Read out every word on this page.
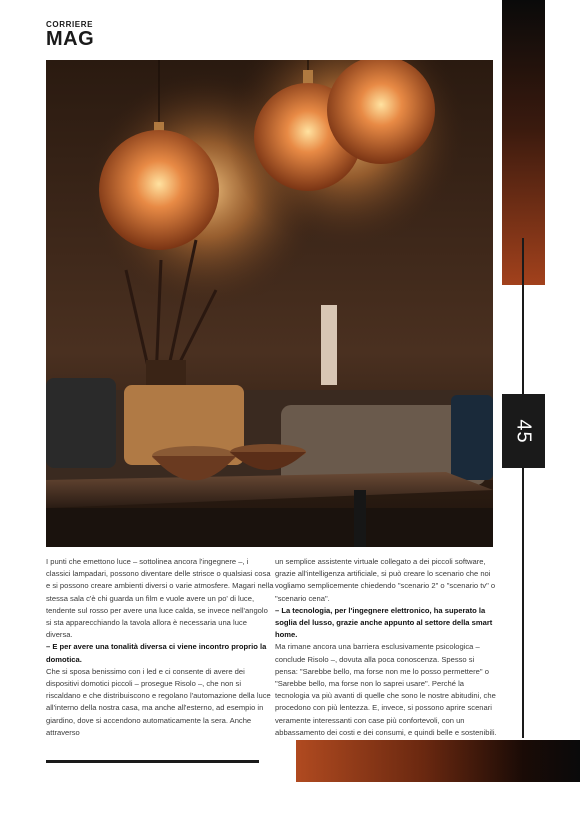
CORRIERE
MAG
45

I punti che emettono luce – sottolinea ancora l'ingegnere –, i classici lampadari, possono diventare delle strisce o qualsiasi cosa e si possono creare ambienti diversi o varie atmosfere. Magari nella stessa sala c'è chi guarda un film e vuole avere un po' di luce, tendente sul rosso per avere una luce calda, se invece nell'angolo si sta apparecchiando la tavola allora è necessaria una luce diversa.

– E per avere una tonalità diversa ci viene incontro proprio la domotica.

Che si sposa benissimo con i led e ci consente di avere dei dispositivi domotici piccoli – prosegue Risolo –, che non si riscaldano e che distribuiscono e regolano l'automazione della luce all'interno della nostra casa, ma anche all'esterno, ad esempio in giardino, dove si accendono automaticamente la sera. Anche attraverso

un semplice assistente virtuale collegato a dei piccoli software, grazie all'intelligenza artificiale, si può creare lo scenario che noi vogliamo semplicemente chiedendo "scenario 2" o "scenario tv" o "scenario cena".

– La tecnologia, per l'ingegnere elettronico, ha superato la soglia del lusso, grazie anche appunto al settore della smart home.

Ma rimane ancora una barriera esclusivamente psicologica – conclude Risolo –, dovuta alla poca conoscenza. Spesso si pensa: "Sarebbe bello, ma forse non me lo posso permettere" o "Sarebbe bello, ma forse non lo saprei usare". Perché la tecnologia va più avanti di quelle che sono le nostre abitudini, che procedono con più lentezza. E, invece, si possono aprire scenari veramente interessanti con case più confortevoli, con un abbassamento dei costi e dei consumi, e quindi belle e sostenibili.
